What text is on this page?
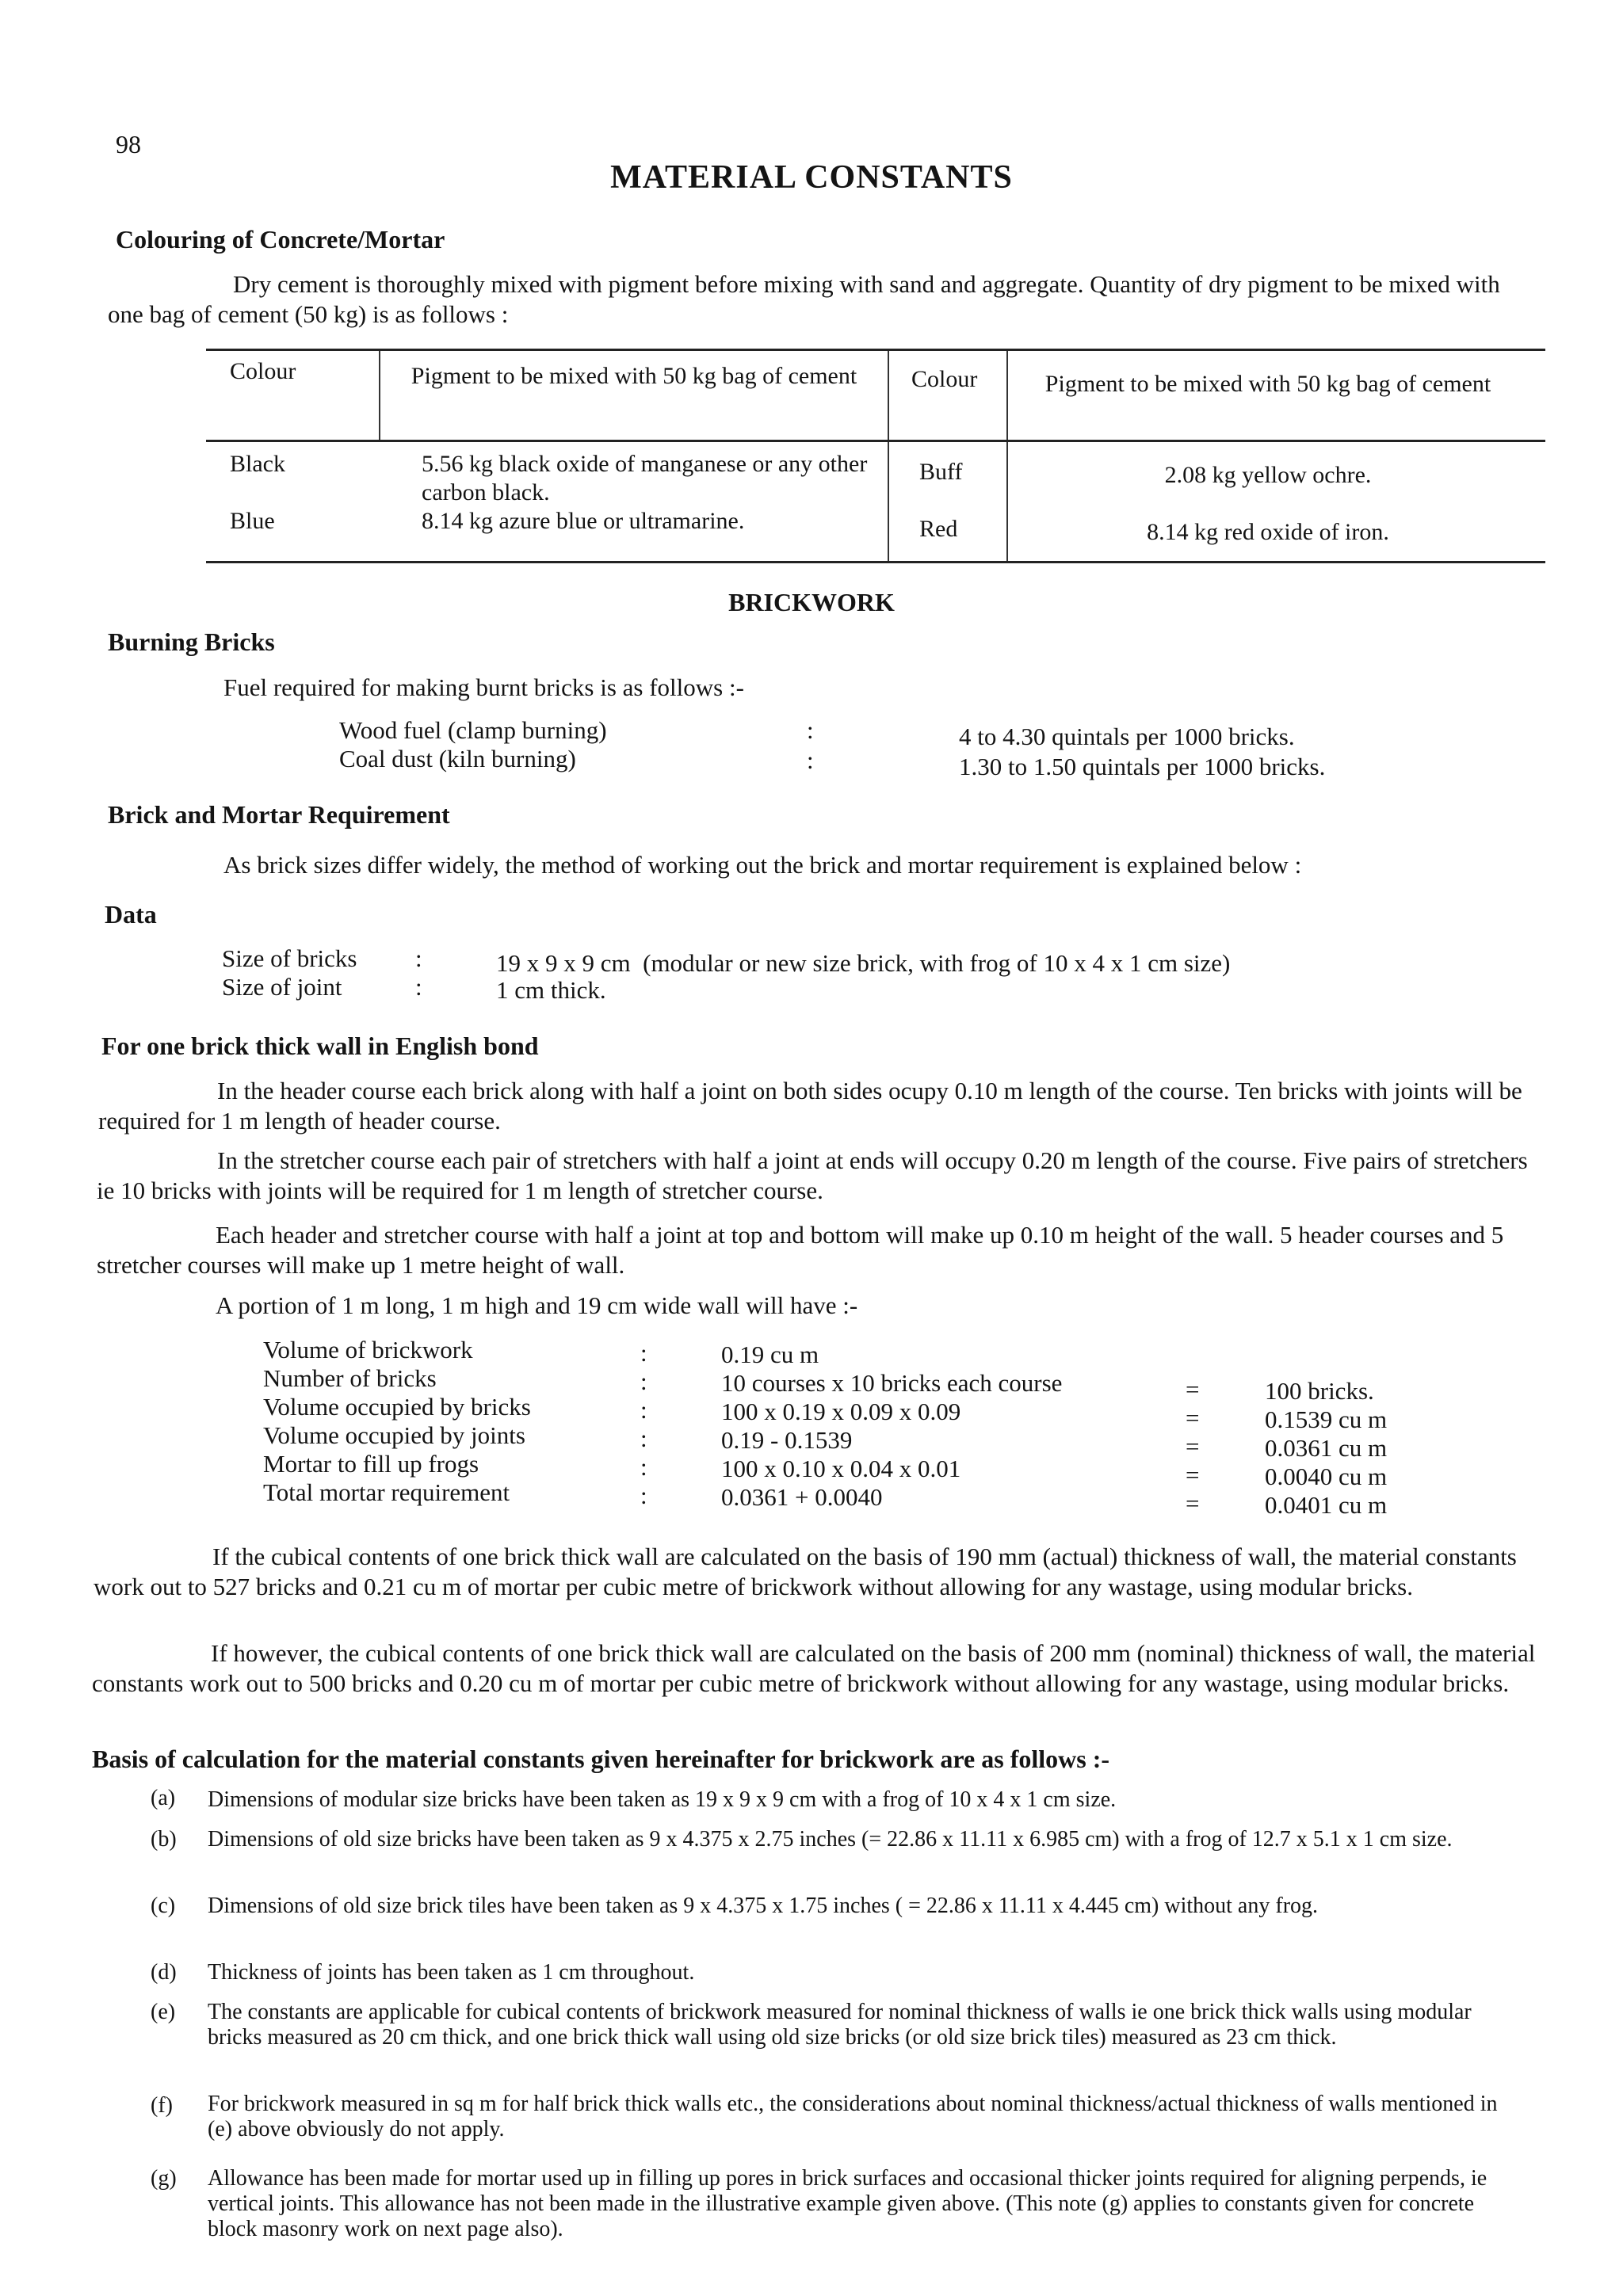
98
MATERIAL CONSTANTS
Colouring of Concrete/Mortar
Dry cement is thoroughly mixed with pigment before mixing with sand and aggregate. Quantity of dry pigment to be mixed with one bag of cement (50 kg) is as follows :
Colour	Pigment to be mixed with 50 kg bag of cement	Colour	Pigment to be mixed with 50 kg bag of cement
Black	5.56 kg black oxide of manganese or any other carbon black.
Blue	8.14 kg azure blue or ultramarine.
Buff	2.08 kg yellow ochre.
Red	8.14 kg red oxide of iron.
BRICKWORK
Burning Bricks
Fuel required for making burnt bricks is as follows :-
Wood fuel (clamp burning)	:	4 to 4.30 quintals per 1000 bricks.
Coal dust (kiln burning)	:	1.30 to 1.50 quintals per 1000 bricks.
Brick and Mortar Requirement
As brick sizes differ widely, the method of working out the brick and mortar requirement is explained below :
Data
Size of bricks :	19 x 9 x 9 cm  (modular or new size brick, with frog of 10 x 4 x 1 cm size)
Size of joint	:	1 cm thick.
For one brick thick wall in English bond
In the header course each brick along with half a joint on both sides ocupy 0.10 m length of the course. Ten bricks with joints will be required for 1 m length of header course.
In the stretcher course each pair of stretchers with half a joint at ends will occupy 0.20 m length of the course. Five pairs of stretchers ie 10 bricks with joints will be required for 1 m length of stretcher course.
Each header and stretcher course with half a joint at top and bottom will make up 0.10 m height of the wall. 5 header courses and 5 stretcher courses will make up 1 metre height of wall.
A portion of 1 m long, 1 m high and 19 cm wide wall will have :-
Volume of brickwork	:	0.19 cu m
Number of bricks	:	10 courses x 10 bricks each course	=	100 bricks.
Volume occupied by bricks	:	100 x 0.19 x 0.09 x 0.09	=	0.1539 cu m
Volume occupied by joints	:	0.19 - 0.1539	=	0.0361 cu m
Mortar to fill up frogs	:	100 x 0.10 x 0.04 x 0.01	=	0.0040 cu m
Total mortar requirement	:	0.0361 + 0.0040	=	0.0401 cu m
If the cubical contents of one brick thick wall are calculated on the basis of 190 mm (actual) thickness of wall, the material constants work out to 527 bricks and 0.21 cu m of mortar per cubic metre of brickwork without allowing for any wastage, using modular bricks.
If however, the cubical contents of one brick thick wall are calculated on the basis of 200 mm (nominal) thickness of wall, the material constants work out to 500 bricks and 0.20 cu m of mortar per cubic metre of brickwork without allowing for any wastage, using modular bricks.
Basis of calculation for the material constants given hereinafter for brickwork are as follows :-
(a) Dimensions of modular size bricks have been taken as 19 x 9 x 9 cm with a frog of 10 x 4 x 1 cm size.
(b) Dimensions of old size bricks have been taken as 9 x 4.375 x 2.75 inches (= 22.86 x 11.11 x 6.985 cm) with a frog of 12.7 x 5.1 x 1 cm size.
(c) Dimensions of old size brick tiles have been taken as 9 x 4.375 x 1.75 inches ( = 22.86 x 11.11 x 4.445 cm) without any frog.
(d) Thickness of joints has been taken as 1 cm throughout.
(e) The constants are applicable for cubical contents of brickwork measured for nominal thickness of walls ie one brick thick walls using modular bricks measured as 20 cm thick, and one brick thick wall using old size bricks (or old size brick tiles) measured as 23 cm thick.
(f) For brickwork measured in sq m for half brick thick walls etc., the considerations about nominal thickness/actual thickness of walls mentioned in (e) above obviously do not apply.
(g) Allowance has been made for mortar used up in filling up pores in brick surfaces and occasional thicker joints required for aligning perpends, ie vertical joints. This allowance has not been made in the illustrative example given above. (This note (g) applies to constants given for concrete block masonry work on next page also).
